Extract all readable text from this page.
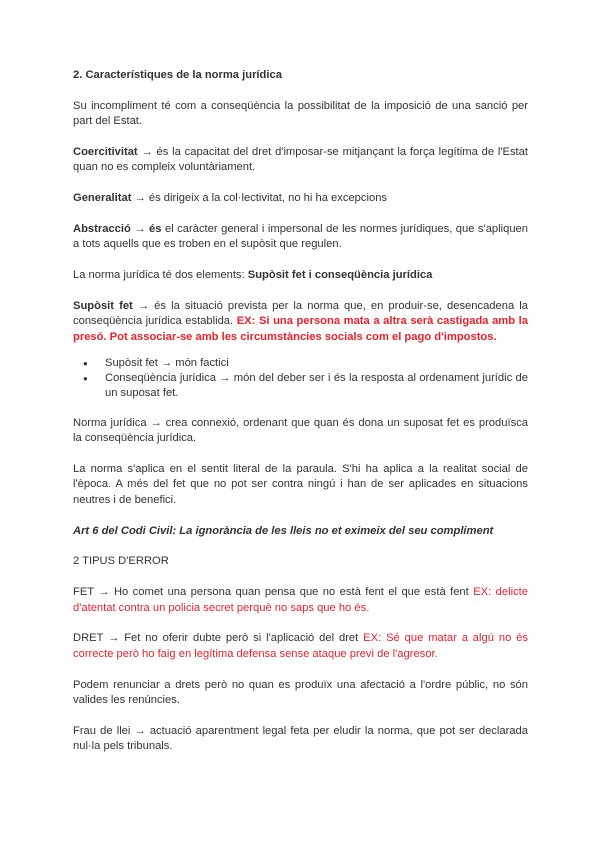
2. Característiques de la norma jurídica

Su incompliment té com a conseqüència la possibilitat de la imposició de una sanció per part del Estat.

Coercitivitat → és la capacitat del dret d'imposar-se mitjançant la força legítima de l'Estat quan no es compleix voluntàriament.

Generalitat → és dirigeix a la col·lectivitat, no hi ha excepcions

Abstracció → és el caràcter general i impersonal de les normes jurídiques, que s'apliquen a tots aquells que es troben en el supòsit que regulen.

La norma jurídica té dos elements: Supòsit fet i conseqüència jurídica

Supòsit fet → és la situació prevista per la norma que, en produir-se, desencadena la conseqüència jurídica establida. EX: Si una persona mata a altra serà castigada amb la presó. Pot associar-se amb les circumstàncies socials com el pago d'impostos.

● Supòsit fet → món factici
● Conseqüència jurídica → món del deber ser i és la resposta al ordenament jurídic de un suposat fet.

Norma jurídica → crea connexió, ordenant que quan és dona un suposat fet es produïsca la conseqüència jurídica.

La norma s'aplica en el sentit literal de la paraula. S'hi ha aplica a la realitat social de l'època. A més del fet que no pot ser contra ningú i han de ser aplicades en situacions neutres i de benefici.

Art 6 del Codi Civil: La ignorància de les lleis no et eximeix del seu compliment

2 TIPUS D'ERROR

FET → Ho comet una persona quan pensa que no està fent el que està fent EX: delicte d'atentat contra un policia secret perquè no saps que ho és.

DRET → Fet no oferir dubte però si l'aplicació del dret EX: Sé que matar a algú no és correcte però ho faig en legítima defensa sense ataque previ de l'agresor.

Podem renunciar a drets però no quan es produïx una afectació a l'ordre públic, no són valides les renúncies.

Frau de llei → actuació aparentment legal feta per eludir la norma, que pot ser declarada nul·la pels tribunals.
